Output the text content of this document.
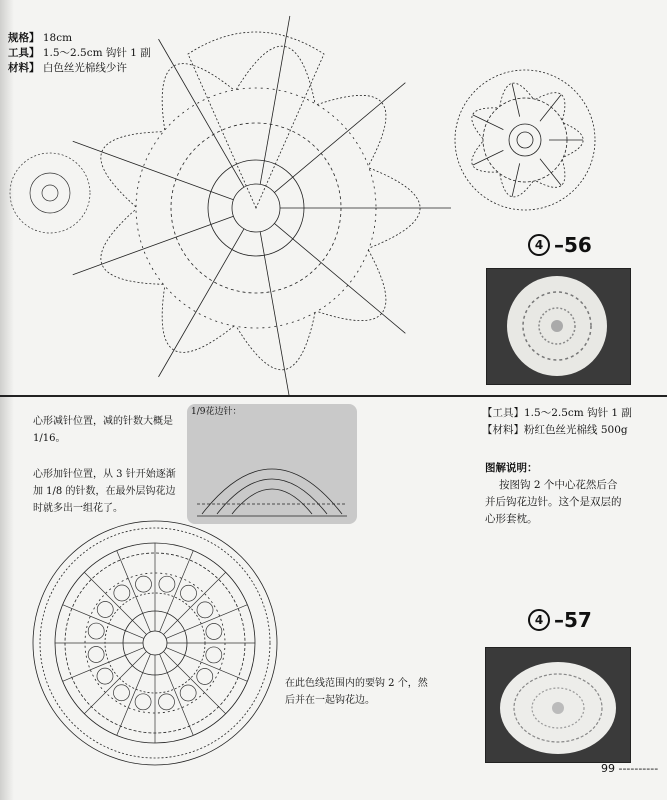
规格】 18cm
工具】 1.5～2.5cm 钩针 1 副
材料】 白色丝光棉线少许
4 –56
心形减针位置，减的针数大概是
1/16。
心形加针位置，从 3 针开始逐渐
加 1/8 的针数，在最外层钩花边
时就多出一组花了。
1/9花边针：
在此色线范围内的要钩 2 个，然
后并在一起钩花边。
【工具】1.5～2.5cm 钩针 1 副
【材料】粉红色丝光棉线 500g
图解说明：
按图钩 2 个中心花然后合
并后钩花边针。这个是双层的
心形套枕。
4 –57
99 ----------
